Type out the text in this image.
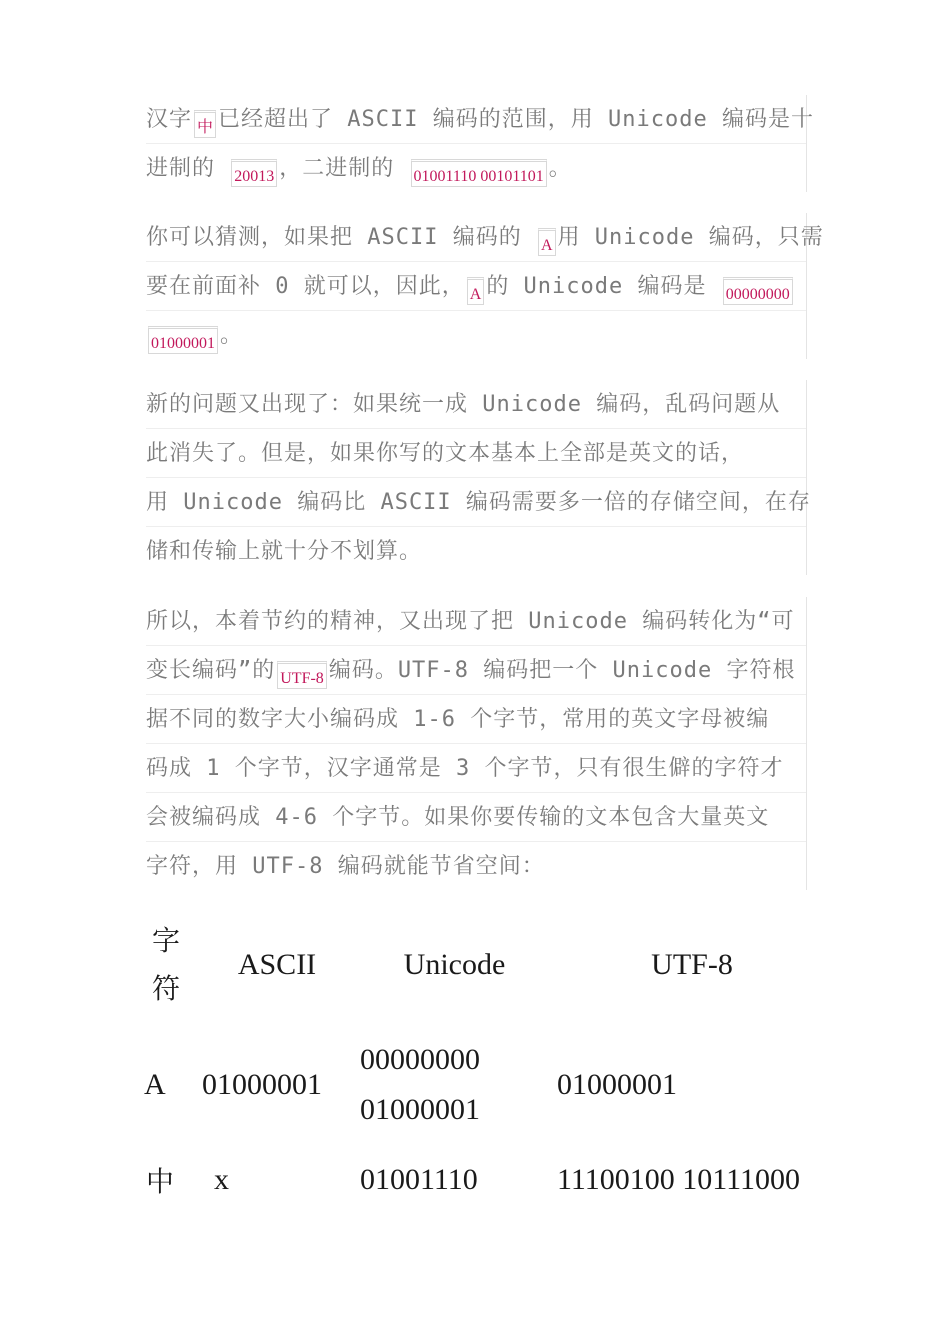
汉字 中 已经超出了 ASCII 编码的范围，用 Unicode 编码是十
进制的 20013 ，二进制的 01001110 00101101 。
你可以猜测，如果把 ASCII 编码的 A 用 Unicode 编码，只需
要在前面补 0 就可以，因此， A 的 Unicode 编码是 00000000
01000001 。
新的问题又出现了：如果统一成 Unicode 编码，乱码问题从
此消失了。但是，如果你写的文本基本上全部是英文的话，
用 Unicode 编码比 ASCII 编码需要多一倍的存储空间，在存
储和传输上就十分不划算。
所以，本着节约的精神，又出现了把 Unicode 编码转化为“可
变长编码”的 UTF-8 编码。UTF-8 编码把一个 Unicode 字符根
据不同的数字大小编码成 1-6 个字节，常用的英文字母被编
码成 1 个字节，汉字通常是 3 个字节，只有很生僻的字符才
会被编码成 4-6 个字节。如果你要传输的文本包含大量英文
字符，用 UTF-8 编码就能节省空间：
字符	ASCII	Unicode	UTF-8
A	01000001	00000000
01000001	01000001
中	x	01001110	11100100 10111000
